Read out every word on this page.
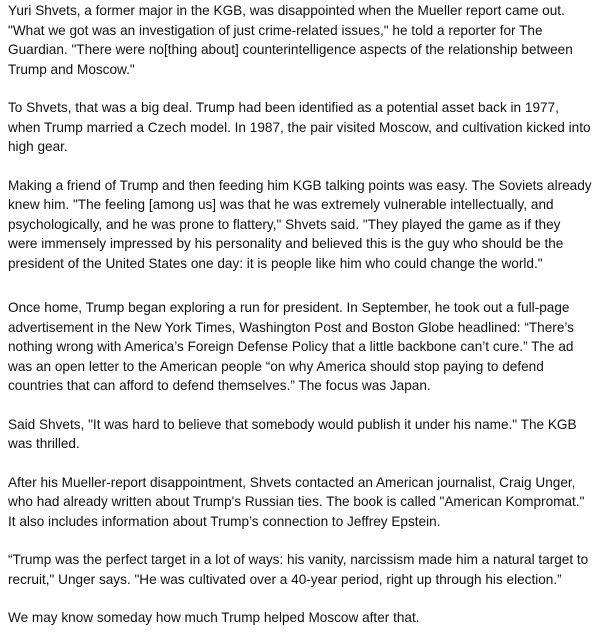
Yuri Shvets, a former major in the KGB, was disappointed when the Mueller report came out. "What we got was an investigation of just crime-related issues," he told a reporter for The Guardian. "There were no[thing about] counterintelligence aspects of the relationship between Trump and Moscow."

To Shvets, that was a big deal. Trump had been identified as a potential asset back in 1977, when Trump married a Czech model. In 1987, the pair visited Moscow, and cultivation kicked into high gear.

Making a friend of Trump and then feeding him KGB talking points was easy. The Soviets already knew him. "The feeling [among us] was that he was extremely vulnerable intellectually, and psychologically, and he was prone to flattery," Shvets said. "They played the game as if they were immensely impressed by his personality and believed this is the guy who should be the president of the United States one day: it is people like him who could change the world."

Once home, Trump began exploring a run for president. In September, he took out a full-page advertisement in the New York Times, Washington Post and Boston Globe headlined: “There’s nothing wrong with America’s Foreign Defense Policy that a little backbone can’t cure.” The ad was an open letter to the American people “on why America should stop paying to defend countries that can afford to defend themselves.” The focus was Japan.

Said Shvets, "It was hard to believe that somebody would publish it under his name." The KGB was thrilled.

After his Mueller-report disappointment, Shvets contacted an American journalist, Craig Unger, who had already written about Trump's Russian ties. The book is called "American Kompromat." It also includes information about Trump’s connection to Jeffrey Epstein.

“Trump was the perfect target in a lot of ways: his vanity, narcissism made him a natural target to recruit," Unger says. "He was cultivated over a 40-year period, right up through his election.”

We may know someday how much Trump helped Moscow after that.
